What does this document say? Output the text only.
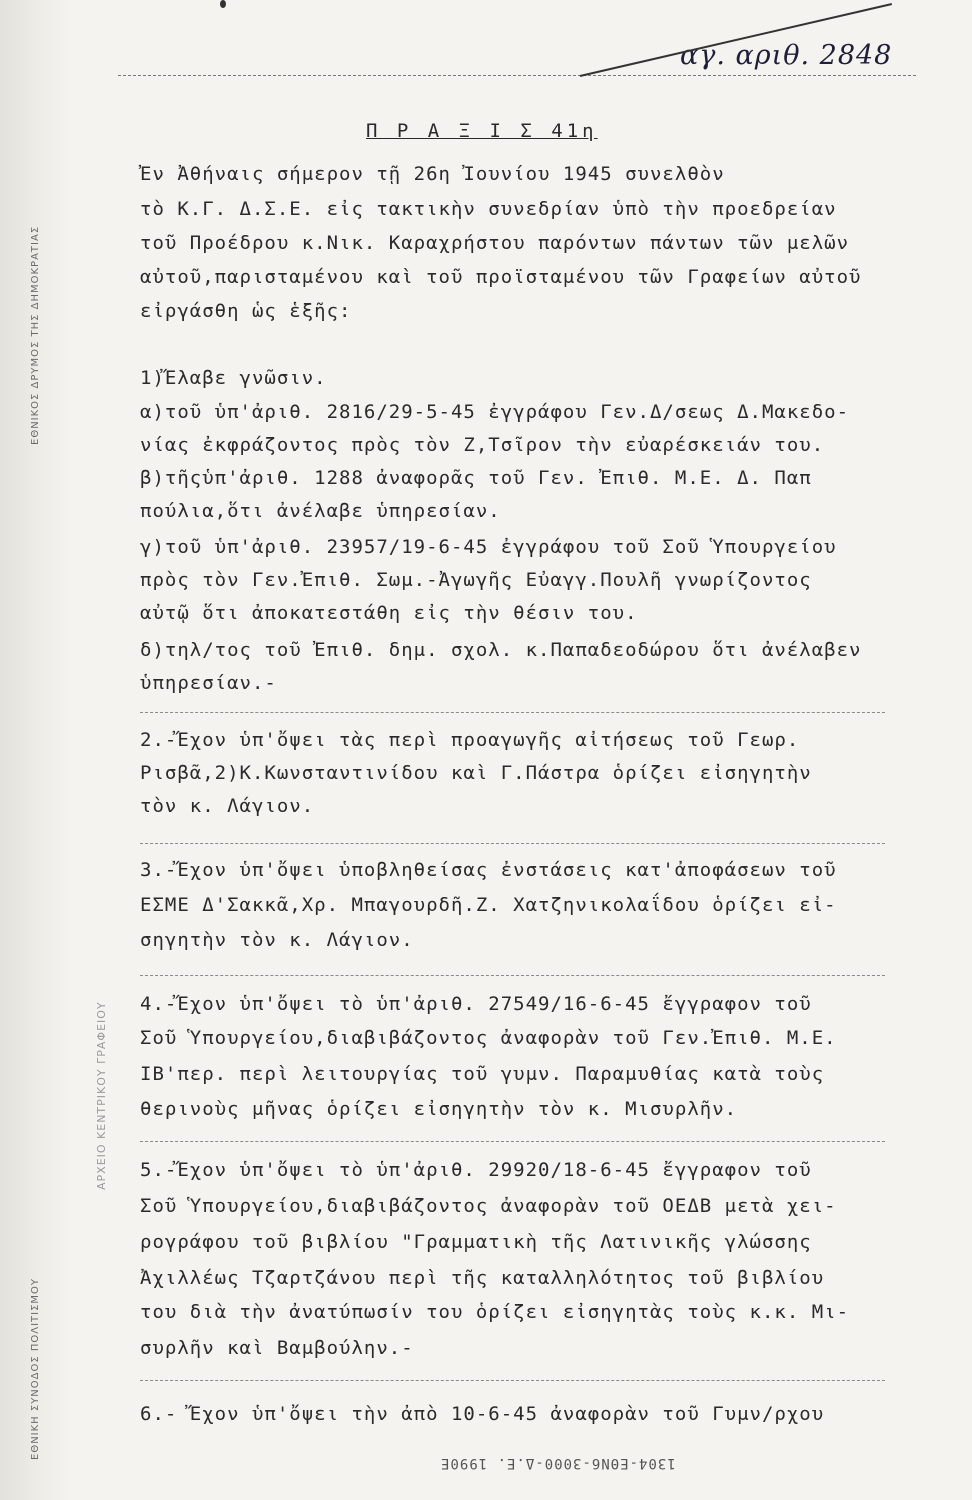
ΕΘΝΙΚΟΣ ΔΡΥΜΟΣ ΤΗΣ ΔΗΜΟΚΡΑΤΙΑΣ
ΕΘΝΙΚΗ ΣΥΝΟΔΟΣ ΠΟΛΙΤΙΣΜΟΥ
ΑΡΧΕΙΟ ΚΕΝΤΡΙΚΟΥ ΓΡΑΦΕΙΟΥ
αγ. αριθ. 2848
Π Ρ Α Ξ Ι Σ 41η
Ἐν Ἀθήναις σήμερον τῇ 26η Ἰουνίου 1945 συνελθὸν
τὸ Κ.Γ. Δ.Σ.Ε. εἰς τακτικὴν συνεδρίαν ὑπὸ τὴν προεδρείαν
τοῦ Προέδρου κ.Νικ. Καραχρήστου παρόντων πάντων τῶν μελῶν
αὐτοῦ,παρισταμένου καὶ τοῦ προϊσταμένου τῶν Γραφείων αὐτοῦ
εἰργάσθη ὡς ἑξῆς:
1)Ἔλαβε γνῶσιν.
α)τοῦ ὑπ'ἀριθ. 2816/29-5-45 ἐγγράφου Γεν.Δ/σεως Δ.Μακεδο-
νίας ἐκφράζοντος πρὸς τὸν Ζ,Τσῖρον τὴν εὐαρέσκειάν του.
β)τῆςὑπ'ἀριθ. 1288 ἀναφορᾶς τοῦ Γεν. Ἐπιθ. Μ.Ε. Δ. Παπ
πούλια,ὅτι ἀνέλαβε ὑπηρεσίαν.
γ)τοῦ ὑπ'ἀριθ. 23957/19-6-45 ἐγγράφου τοῦ Σοῦ Ὑπουργείου
πρὸς τὸν Γεν.Ἐπιθ. Σωμ.-Ἀγωγῆς Εὐαγγ.Πουλῆ γνωρίζοντος
αὐτῷ ὅτι ἀποκατεστάθη εἰς τὴν θέσιν του.
δ)τηλ/τος τοῦ Ἐπιθ. δημ. σχολ. κ.Παπαδεοδώρου ὅτι ἀνέλαβεν
ὑπηρεσίαν.-
2.-Ἔχον ὑπ'ὄψει τὰς περὶ προαγωγῆς αἰτήσεως τοῦ Γεωρ.
Ρισβᾶ,2)Κ.Κωνσταντινίδου καὶ Γ.Πάστρα ὁρίζει εἰσηγητὴν
τὸν κ. Λάγιον.
3.-Ἔχον ὑπ'ὄψει ὑποβληθείσας ἐνστάσεις κατ'ἀποφάσεων τοῦ
ΕΣΜΕ Δ'Σακκᾶ,Χρ. Μπαγουρδῆ.Ζ. Χατζηνικολαΐδου ὁρίζει εἰ-
σηγητὴν τὸν κ. Λάγιον.
4.-Ἔχον ὑπ'ὄψει τὸ ὑπ'ἀριθ. 27549/16-6-45 ἔγγραφον τοῦ
Σοῦ Ὑπουργείου,διαβιβάζοντος ἀναφορὰν τοῦ Γεν.Ἐπιθ. Μ.Ε.
ΙΒ'περ. περὶ λειτουργίας τοῦ γυμν. Παραμυθίας κατὰ τοὺς
θερινοὺς μῆνας ὁρίζει εἰσηγητὴν τὸν κ. Μισυρλῆν.
5.-Ἔχον ὑπ'ὄψει τὸ ὑπ'ἀριθ. 29920/18-6-45 ἔγγραφον τοῦ
Σοῦ Ὑπουργείου,διαβιβάζοντος ἀναφορὰν τοῦ ΟΕΔΒ μετὰ χει-
ρογράφου τοῦ βιβλίου "Γραμματικὴ τῆς Λατινικῆς γλώσσης
Ἀχιλλέως Τζαρτζάνου περὶ τῆς καταλληλότητος τοῦ βιβλίου
του διὰ τὴν ἀνατύπωσίν του ὁρίζει εἰσηγητὰς τοὺς κ.κ. Μι-
συρλῆν καὶ Βαμβούλην.-
6.- Ἔχον ὑπ'ὄψει τὴν ἀπὸ 10-6-45 ἀναφορὰν τοῦ Γυμν/ρχου
1304-ΕΘΝ6-3000-Δ.Ε. 1990Ε
